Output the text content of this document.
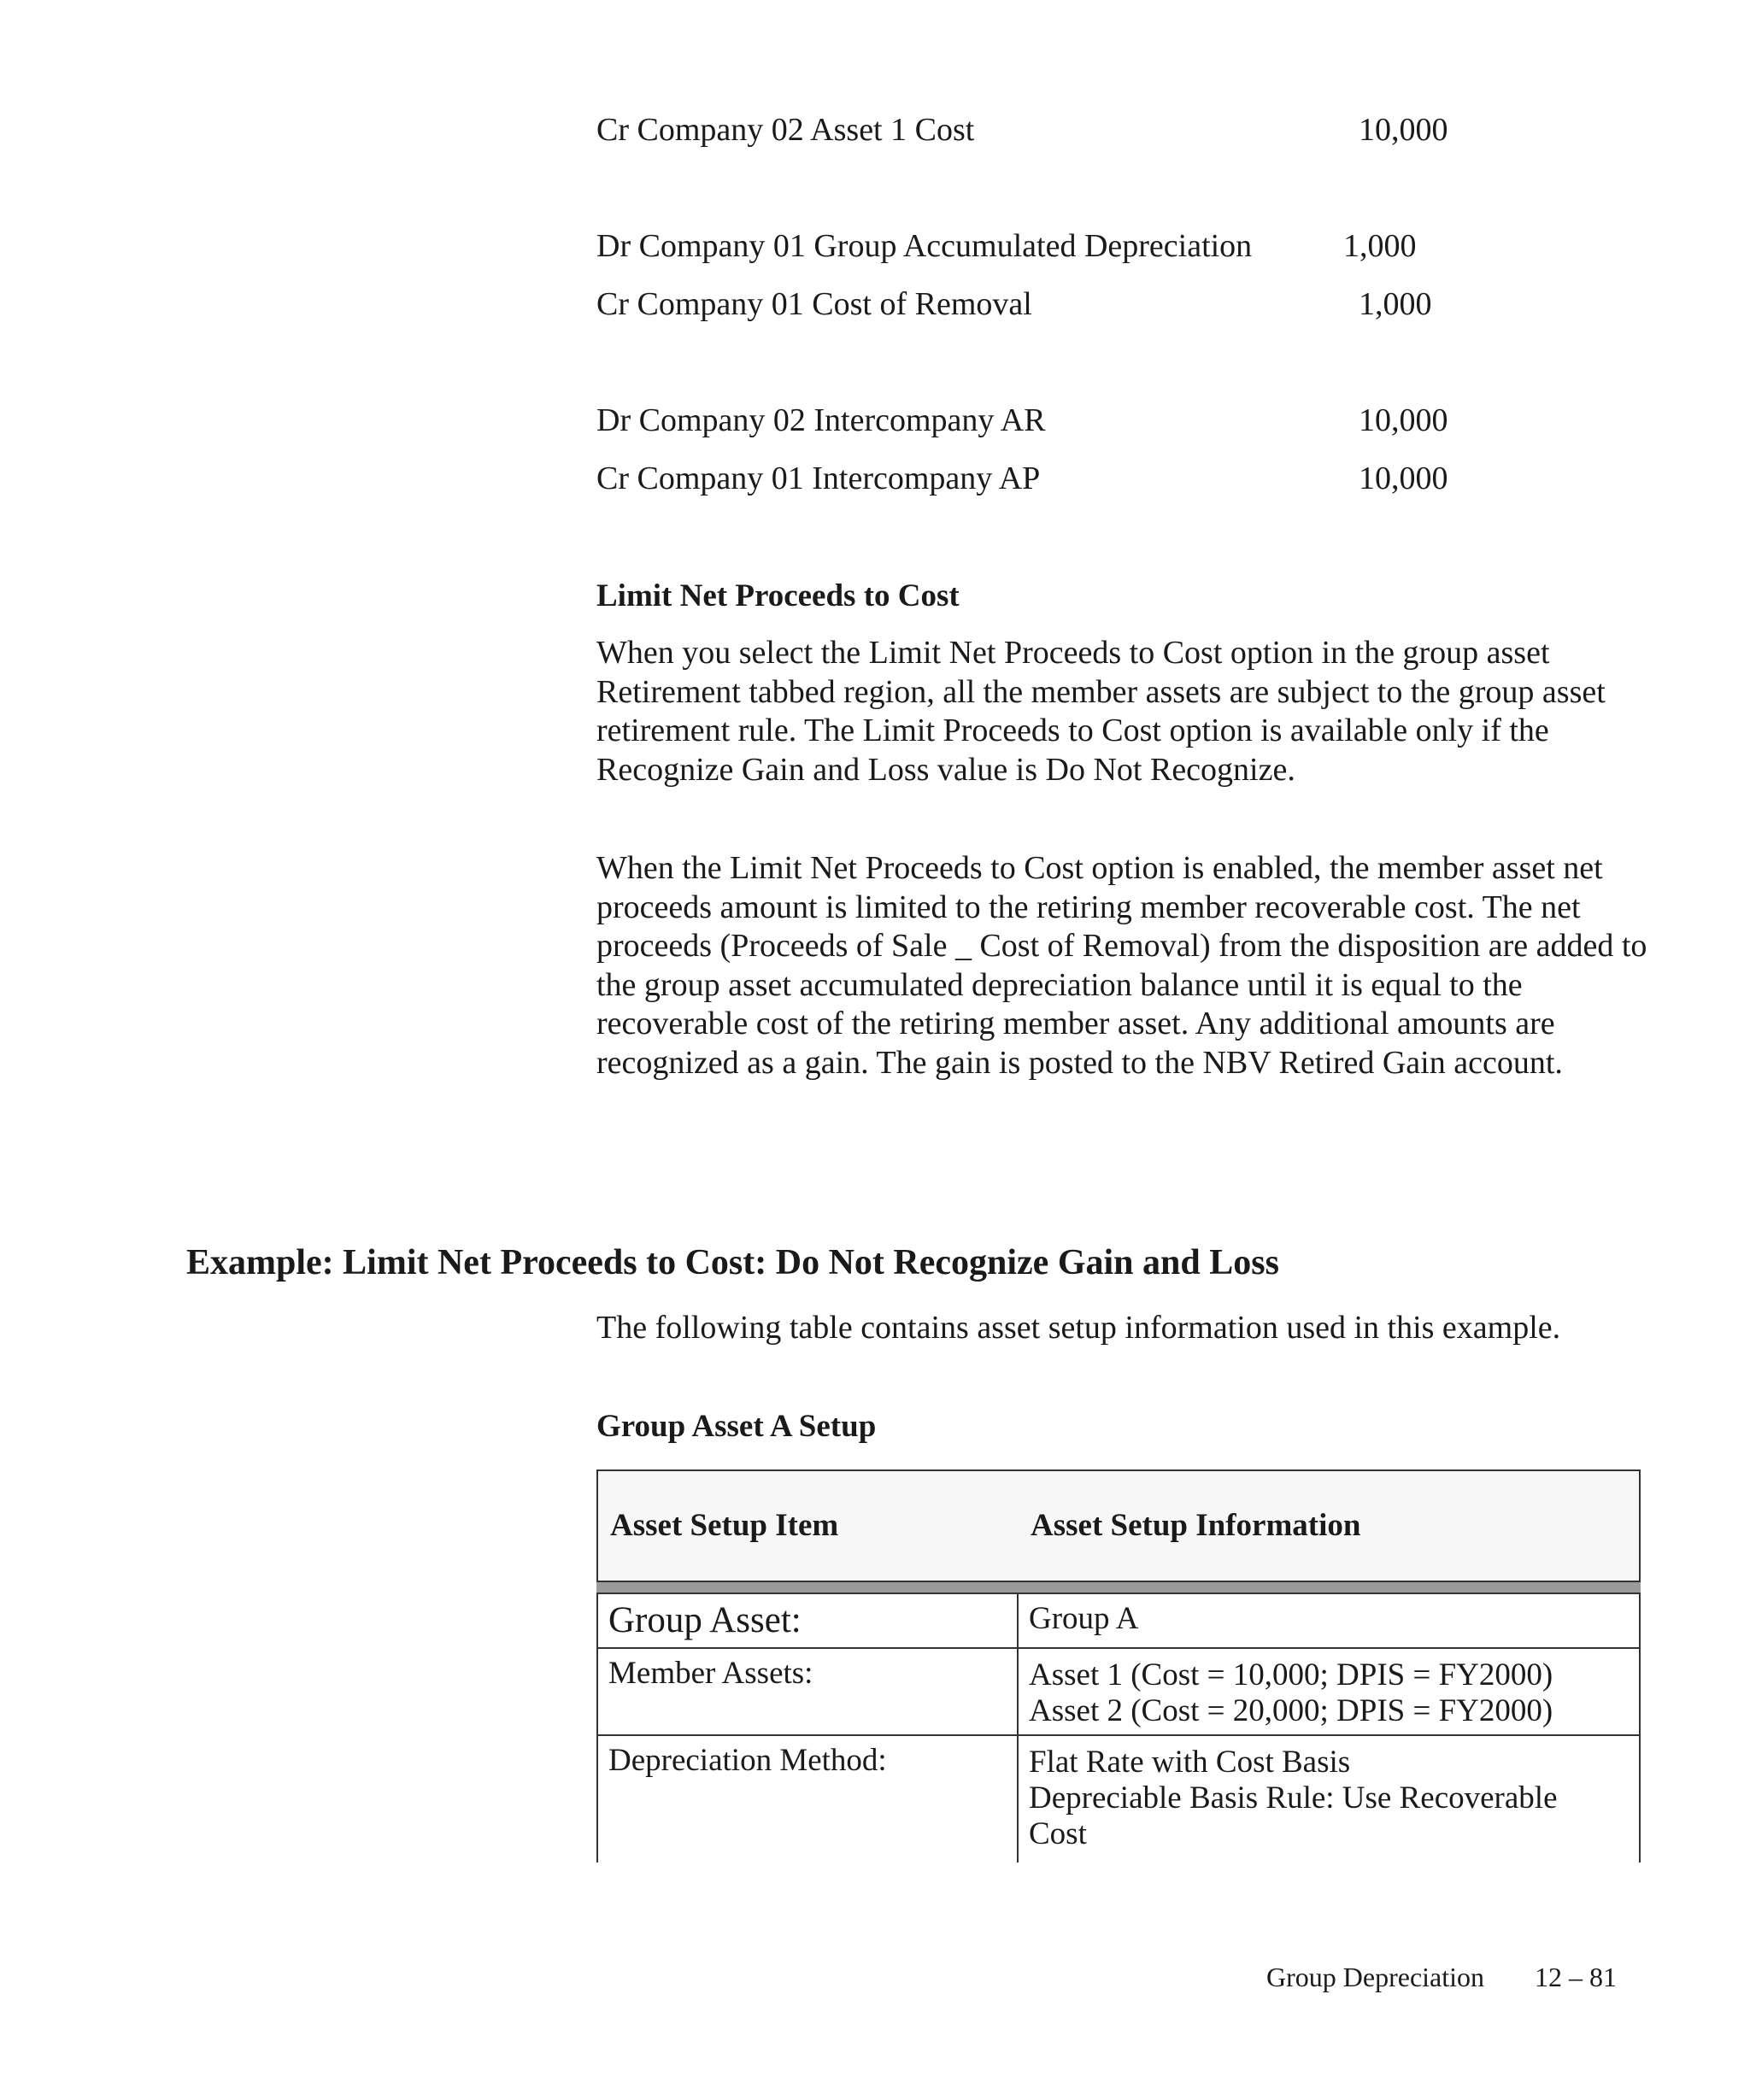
Cr Company 02 Asset 1 Cost	10,000
Dr Company 01 Group Accumulated Depreciation	1,000
Cr Company 01 Cost of Removal	1,000
Dr Company 02 Intercompany AR	10,000
Cr Company 01 Intercompany AP	10,000
Limit Net Proceeds to Cost

When you select the Limit Net Proceeds to Cost option in the group asset Retirement tabbed region, all the member assets are subject to the group asset retirement rule. The Limit Proceeds to Cost option is available only if the Recognize Gain and Loss value is Do Not Recognize.

When the Limit Net Proceeds to Cost option is enabled, the member asset net proceeds amount is limited to the retiring member recoverable cost. The net proceeds (Proceeds of Sale _ Cost of Removal) from the disposition are added to the group asset accumulated depreciation balance until it is equal to the recoverable cost of the retiring member asset. Any additional amounts are recognized as a gain. The gain is posted to the NBV Retired Gain account.

Example: Limit Net Proceeds to Cost: Do Not Recognize Gain and Loss

The following table contains asset setup information used in this example.

Group Asset A Setup
Asset Setup Item	Asset Setup Information
Group Asset:	Group A
Member Assets:	Asset 1 (Cost = 10,000; DPIS = FY2000)
Asset 2 (Cost = 20,000; DPIS = FY2000)
Depreciation Method:	Flat Rate with Cost Basis
Depreciable Basis Rule: Use Recoverable
Cost
Group Depreciation 12 – 81
